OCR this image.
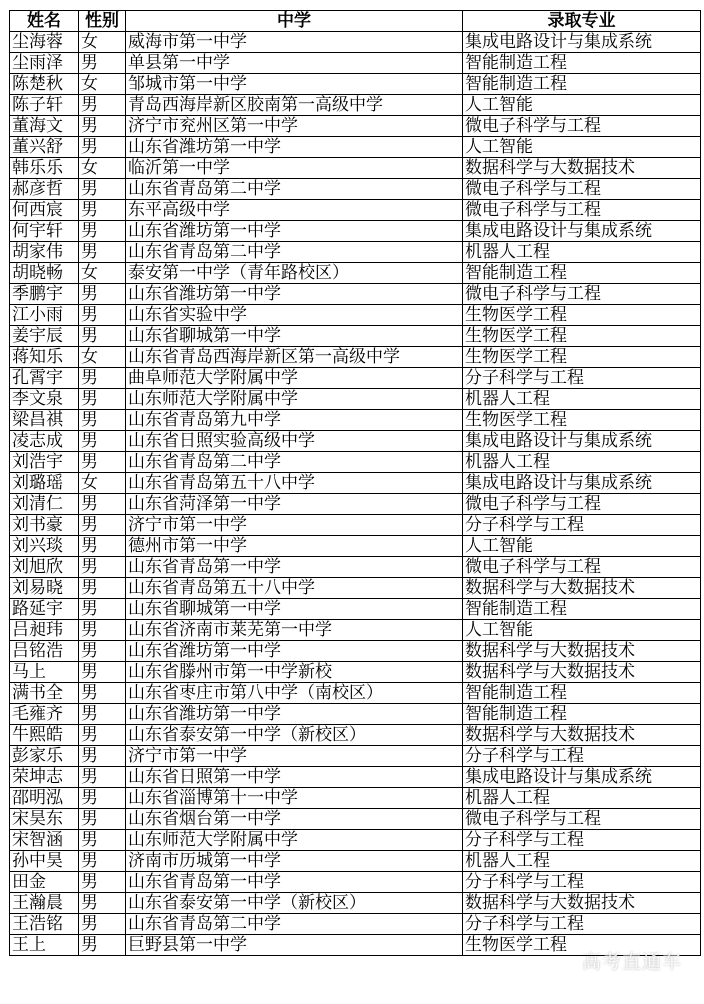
姓名	性别	中学	录取专业
尘海蓉	女	威海市第一中学	集成电路设计与集成系统
尘雨泽	男	单县第一中学	智能制造工程
陈楚秋	女	邹城市第一中学	智能制造工程
陈子轩	男	青岛西海岸新区胶南第一高级中学	人工智能
董海文	男	济宁市兖州区第一中学	微电子科学与工程
董兴舒	男	山东省潍坊第一中学	人工智能
韩乐乐	女	临沂第一中学	数据科学与大数据技术
郝彦哲	男	山东省青岛第二中学	微电子科学与工程
何西宸	男	东平高级中学	微电子科学与工程
何宇轩	男	山东省潍坊第一中学	集成电路设计与集成系统
胡家伟	男	山东省青岛第二中学	机器人工程
胡晓畅	女	泰安第一中学（青年路校区）	智能制造工程
季鹏宇	男	山东省潍坊第一中学	微电子科学与工程
江小雨	男	山东省实验中学	生物医学工程
姜宇辰	男	山东省聊城第一中学	生物医学工程
蒋知乐	女	山东省青岛西海岸新区第一高级中学	生物医学工程
孔霄宇	男	曲阜师范大学附属中学	分子科学与工程
李文泉	男	山东师范大学附属中学	机器人工程
梁昌祺	男	山东省青岛第九中学	生物医学工程
凌志成	男	山东省日照实验高级中学	集成电路设计与集成系统
刘浩宇	男	山东省青岛第二中学	机器人工程
刘璐瑶	女	山东省青岛第五十八中学	集成电路设计与集成系统
刘清仁	男	山东省菏泽第一中学	微电子科学与工程
刘书豪	男	济宁市第一中学	分子科学与工程
刘兴琰	男	德州市第一中学	人工智能
刘旭欣	男	山东省青岛第一中学	微电子科学与工程
刘易晓	男	山东省青岛第五十八中学	数据科学与大数据技术
路延宇	男	山东省聊城第一中学	智能制造工程
吕昶玮	男	山东省济南市莱芜第一中学	人工智能
吕铭浩	男	山东省潍坊第一中学	数据科学与大数据技术
马上	男	山东省滕州市第一中学新校	数据科学与大数据技术
满书全	男	山东省枣庄市第八中学（南校区）	智能制造工程
毛雍齐	男	山东省潍坊第一中学	智能制造工程
牛熙皓	男	山东省泰安第一中学（新校区）	数据科学与大数据技术
彭家乐	男	济宁市第一中学	分子科学与工程
荣坤志	男	山东省日照第一中学	集成电路设计与集成系统
邵明泓	男	山东省淄博第十一中学	机器人工程
宋昊东	男	山东省烟台第一中学	微电子科学与工程
宋智涵	男	山东师范大学附属中学	分子科学与工程
孙中昊	男	济南市历城第一中学	机器人工程
田金	男	山东省青岛第一中学	分子科学与工程
王瀚晨	男	山东省泰安第一中学（新校区）	数据科学与大数据技术
王浩铭	男	山东省青岛第二中学	分子科学与工程
王上	男	巨野县第一中学	生物医学工程
高考直通车
